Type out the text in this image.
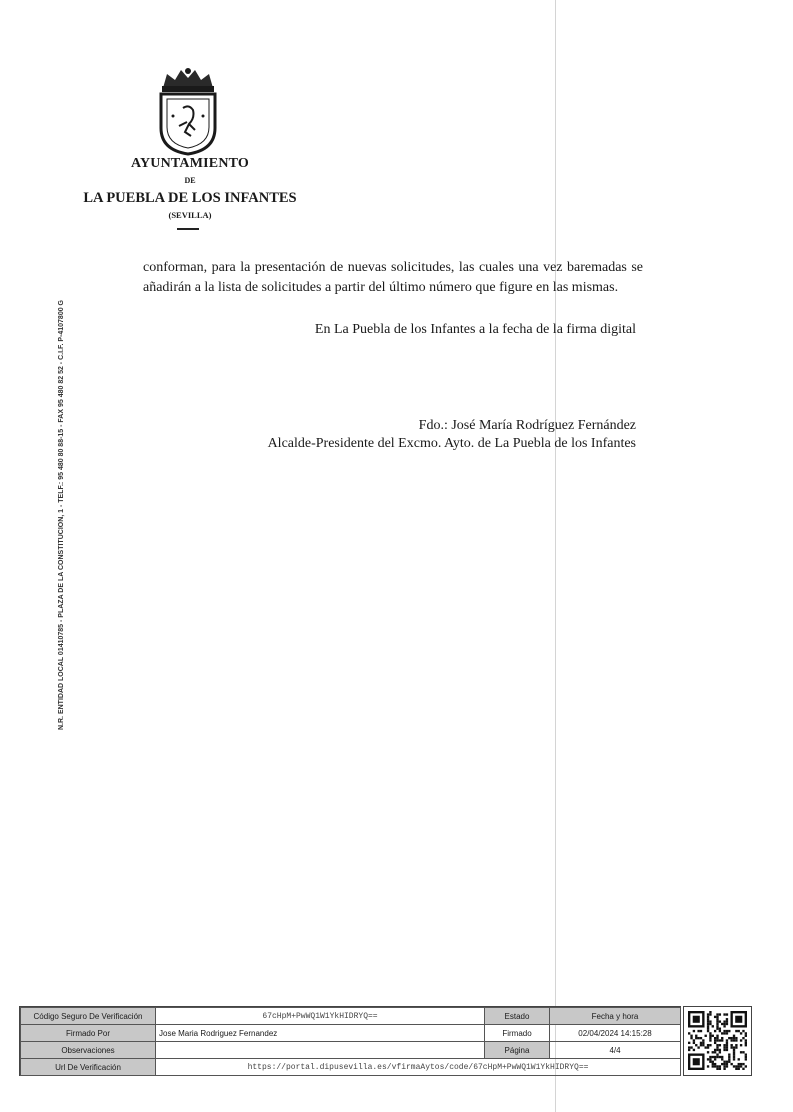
AYUNTAMIENTO
DE
LA PUEBLA DE LOS INFANTES
(SEVILLA)
N.R. ENTIDAD LOCAL 01410785 - PLAZA DE LA CONSTITUCION, 1 - TELF.: 95 480 80 88-15 - FAX 95 480 82 52 - C.I.F. P-4107800 G
conforman, para la presentación de nuevas solicitudes, las cuales una vez baremadas se añadirán a la lista de solicitudes a partir del último número que figure en las mismas.
En La Puebla de los Infantes a la fecha de la firma digital
Fdo.: José María Rodríguez Fernández
Alcalde-Presidente del Excmo. Ayto. de La Puebla de los Infantes
Código Seguro De Verificación	67cHpM+PwWQ1W1YkHIDRYQ==	Estado	Fecha y hora
Firmado Por	Jose Maria Rodriguez Fernandez	Firmado	02/04/2024 14:15:28
Observaciones		Página	4/4
Url De Verificación	https://portal.dipusevilla.es/vfirmaAytos/code/67cHpM+PwWQ1W1YkHIDRYQ==		
